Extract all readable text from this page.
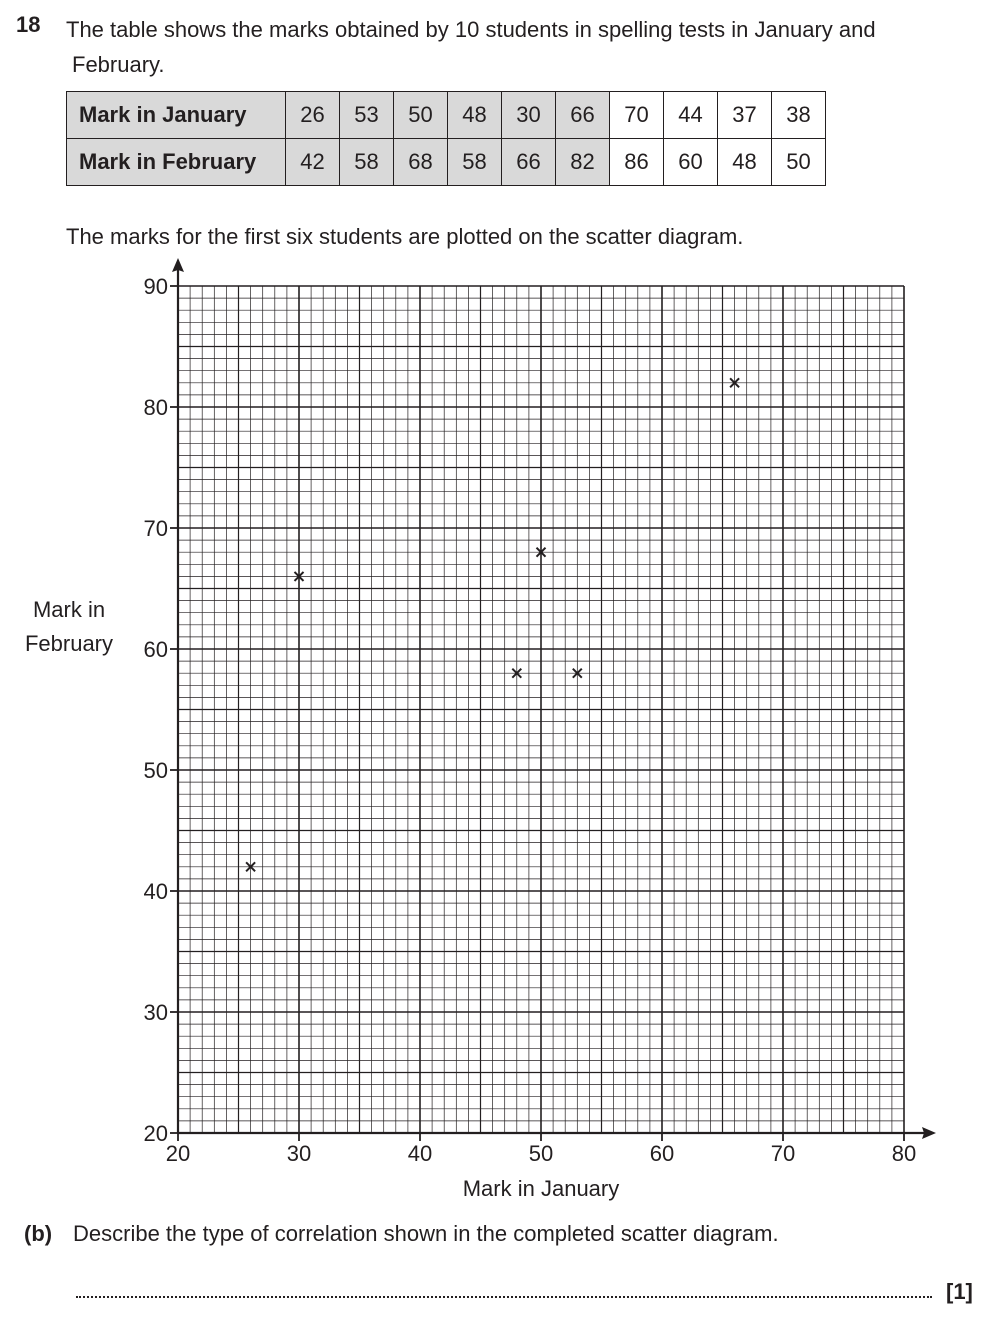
18 The table shows the marks obtained by 10 students in spelling tests in January and
February.
Mark in January	26	53	50	48	30	66	70	44	37	38
Mark in February	42	58	68	58	66	82	86	60	48	50
The marks for the first six students are plotted on the scatter diagram.
20	30	40	50	60	70	80
20
30
40
50
60
70
80
90
Mark in January
Mark in
February
(b) Describe the type of correlation shown in the completed scatter diagram.
[1]
